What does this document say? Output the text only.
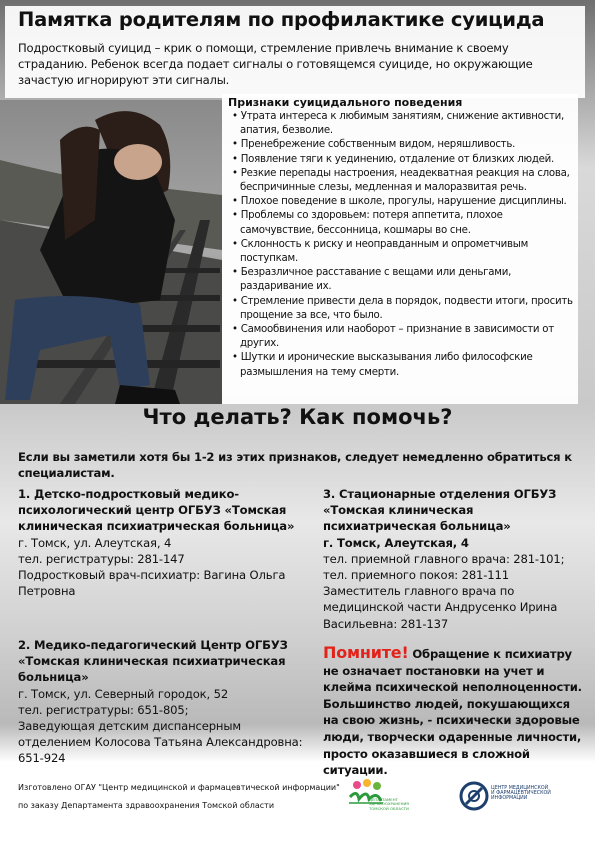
Памятка родителям по профилактике суицида
Подростковый суицид – крик о помощи, стремление привлечь внимание к своему страданию. Ребенок всегда подает сигналы о готовящемся суициде, но окружающие зачастую игнорируют эти сигналы.
Признаки суицидального поведения
• Утрата интереса к любимым занятиям, снижение активности, апатия, безволие.
• Пренебрежение собственным видом, неряшливость.
• Появление тяги к уединению, отдаление от близких людей.
• Резкие перепады настроения, неадекватная реакция на слова, беспричинные слезы, медленная и малоразвитая речь.
• Плохое поведение в школе, прогулы, нарушение дисциплины.
• Проблемы со здоровьем: потеря аппетита, плохое самочувствие, бессонница, кошмары во сне.
• Склонность к риску и неоправданным и опрометчивым поступкам.
• Безразличное расставание с вещами или деньгами, раздаривание их.
• Стремление привести дела в порядок, подвести итоги, просить прощение за все, что было.
• Самообвинения или наоборот – признание в зависимости от других.
• Шутки и иронические высказывания либо философские размышления на тему смерти.
Что делать? Как помочь?
Если вы заметили хотя бы 1-2 из этих признаков, следует немедленно обратиться к специалистам.
1. Детско-подростковый медико-психологический центр ОГБУЗ «Томская клиническая психиатрическая больница»
г. Томск, ул. Алеутская, 4
тел. регистратуры: 281-147
Подростковый врач-психиатр: Вагина Ольга Петровна
2. Медико-педагогический Центр ОГБУЗ «Томская клиническая психиатрическая больница»
г. Томск, ул. Северный городок, 52
тел. регистратуры: 651-805;
Заведующая детским диспансерным отделением Колосова Татьяна Александровна: 651-924
3. Стационарные отделения ОГБУЗ «Томская клиническая психиатрическая больница»
г. Томск, Алеутская, 4
тел. приемной главного врача: 281-101;
тел. приемного покоя: 281-111
Заместитель главного врача по медицинской части Андрусенко Ирина Васильевна: 281-137
Помните! Обращение к психиатру не означает постановки на учет и клейма психической неполноценности.
Большинство людей, покушающихся на свою жизнь, - психически здоровые люди, творчески одаренные личности, просто оказавшиеся в сложной ситуации.
Изготовлено ОГАУ "Центр медицинской и фармацевтической информации"
по заказу Департамента здравоохранения Томской области
ДЕПАРТАМЕНТ ЗДРАВООХРАНЕНИЯ ТОМСКОЙ ОБЛАСТИ
ЦЕНТР МЕДИЦИНСКОЙ И ФАРМАЦЕВТИЧЕСКОЙ ИНФОРМАЦИИ
